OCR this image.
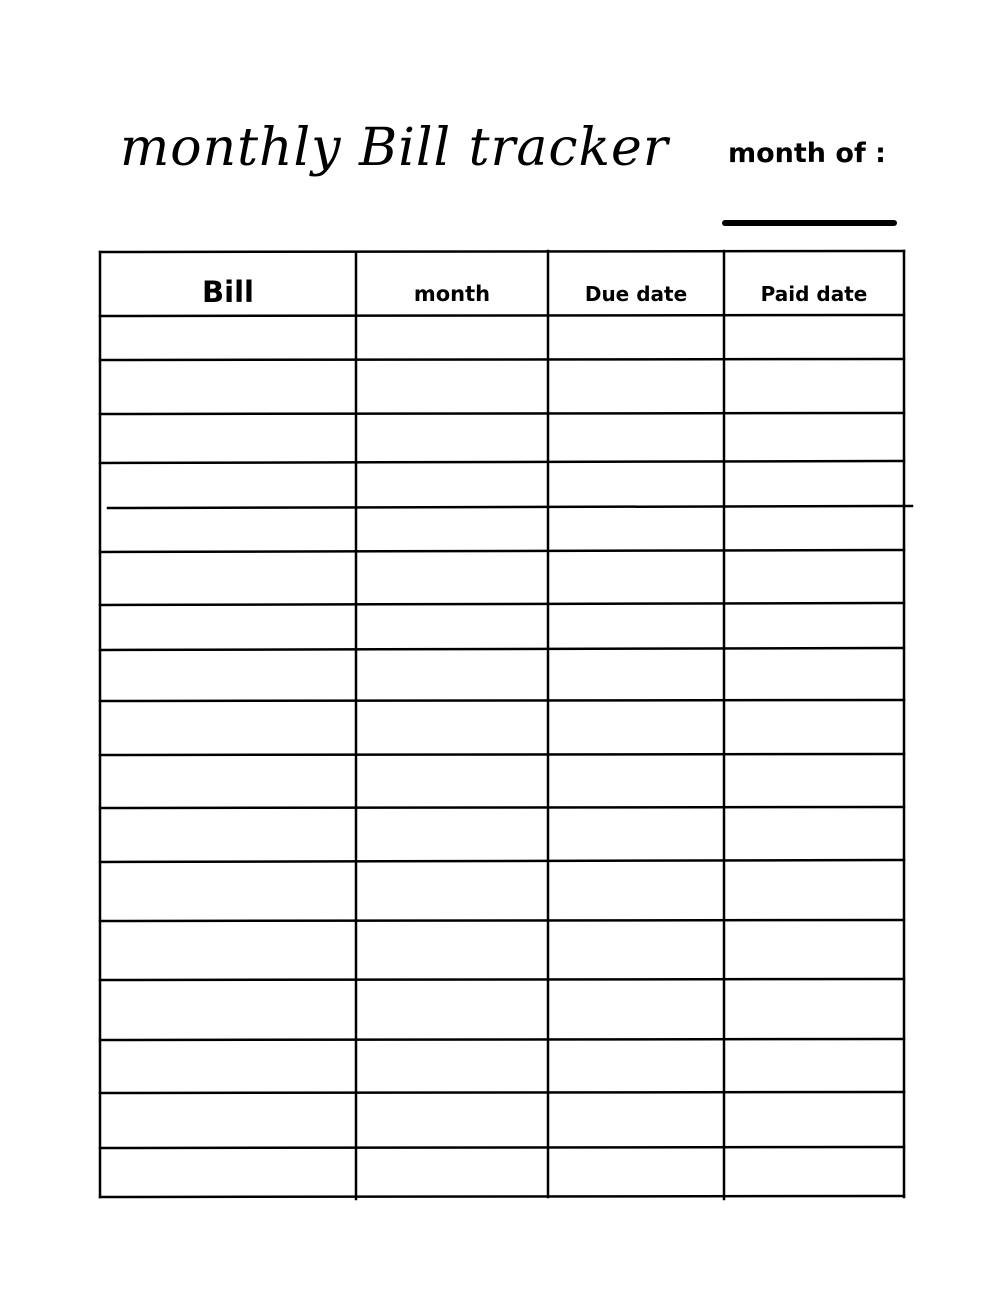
monthly Bill tracker month of :
Bill	month	Due date	Paid date
